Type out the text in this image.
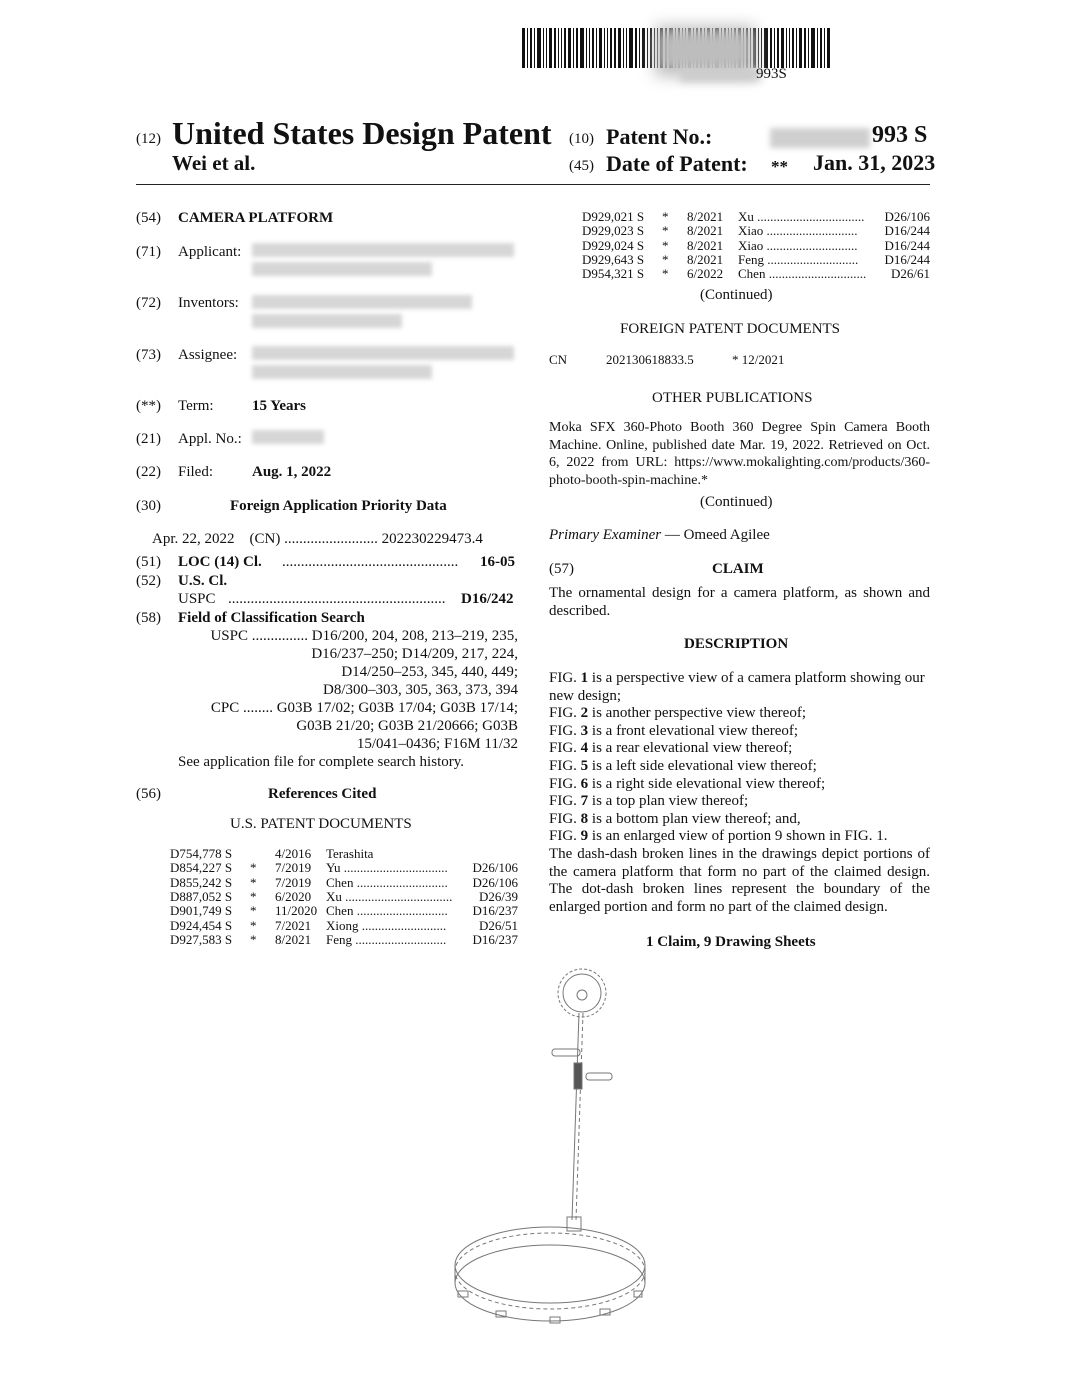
993S
(12) United States Design Patent (10) Patent No.:	993 S
Wei et al.	(45) Date of Patent: ** Jan. 31, 2023
(54) CAMERA PLATFORM
(71) Applicant:
(72) Inventors:
(73) Assignee:
(**) Term:	15 Years
(21) Appl. No.:
(22) Filed:	Aug. 1, 2022
(30)	Foreign Application Priority Data
Apr. 22, 2022    (CN) ......................... 202230229473.4
(51) LOC (14) Cl. ...............................................	16-05
(52) U.S. Cl.
USPC ..........................................................	D16/242
(58) Field of Classification Search
USPC ............... D16/200, 204, 208, 213–219, 235,
D16/237–250; D14/209, 217, 224,
D14/250–253, 345, 440, 449;
D8/300–303, 305, 363, 373, 394
CPC ........ G03B 17/02; G03B 17/04; G03B 17/14;
G03B 21/20; G03B 21/20666; G03B
15/041–0436; F16M 11/32
See application file for complete search history.
(56)	References Cited
U.S. PATENT DOCUMENTS
D754,778 S	4/2016 Terashita
D854,227 S * 7/2019 Yu ................................ D26/106
D855,242 S * 7/2019 Chen ............................ D26/106
D887,052 S * 6/2020 Xu ................................. D26/39
D901,749 S * 11/2020 Chen ............................ D16/237
D924,454 S * 7/2021 Xiong ..........................	D26/51
D927,583 S * 8/2021 Feng ............................ D16/237
D929,021 S * 8/2021 Xu ................................. D26/106
D929,023 S * 8/2021 Xiao ............................ D16/244
D929,024 S * 8/2021 Xiao ............................ D16/244
D929,643 S * 8/2021 Feng ............................ D16/244
D954,321 S * 6/2022 Chen .............................. D26/61
(Continued)
FOREIGN PATENT DOCUMENTS
CN	202130618833.5	* 12/2021
OTHER PUBLICATIONS
Moka SFX 360-Photo Booth 360 Degree Spin Camera Booth Machine. Online, published date Mar. 19, 2022. Retrieved on Oct. 6, 2022 from URL: https://www.mokalighting.com/products/360-photo-booth-spin-machine.*
(Continued)
Primary Examiner — Omeed Agilee
(57)	CLAIM
The ornamental design for a camera platform, as shown and described.
DESCRIPTION
FIG. 1 is a perspective view of a camera platform showing our new design;
FIG. 2 is another perspective view thereof;
FIG. 3 is a front elevational view thereof;
FIG. 4 is a rear elevational view thereof;
FIG. 5 is a left side elevational view thereof;
FIG. 6 is a right side elevational view thereof;
FIG. 7 is a top plan view thereof;
FIG. 8 is a bottom plan view thereof; and,
FIG. 9 is an enlarged view of portion 9 shown in FIG. 1.
The dash-dash broken lines in the drawings depict portions of the camera platform that form no part of the claimed design. The dot-dash broken lines represent the boundary of the enlarged portion and form no part of the claimed design.
1 Claim, 9 Drawing Sheets
